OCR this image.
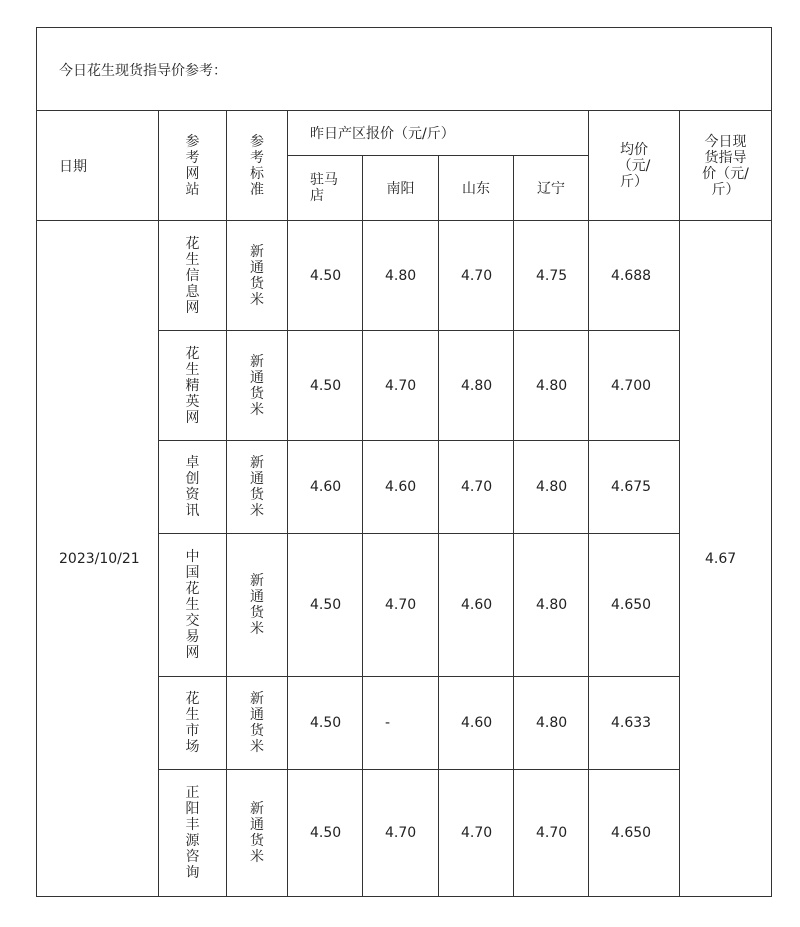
今日花生现货指导价参考：								
日期	参考网站	参考标准	昨日产区报价（元/斤）				均价（元/斤）	今日现货指导价（元/斤）
			驻马店	南阳	山东	辽宁		
2023/10/21	花生信息网	新通货米	4.50	4.80	4.70	4.75	4.688	4.67
	花生精英网	新通货米	4.50	4.70	4.80	4.80	4.700	
	卓创资讯	新通货米	4.60	4.60	4.70	4.80	4.675	
	中国花生交易网	新通货米	4.50	4.70	4.60	4.80	4.650	
	花生市场	新通货米	4.50	-	4.60	4.80	4.633	
	正阳丰源咨询	新通货米	4.50	4.70	4.70	4.70	4.650	
